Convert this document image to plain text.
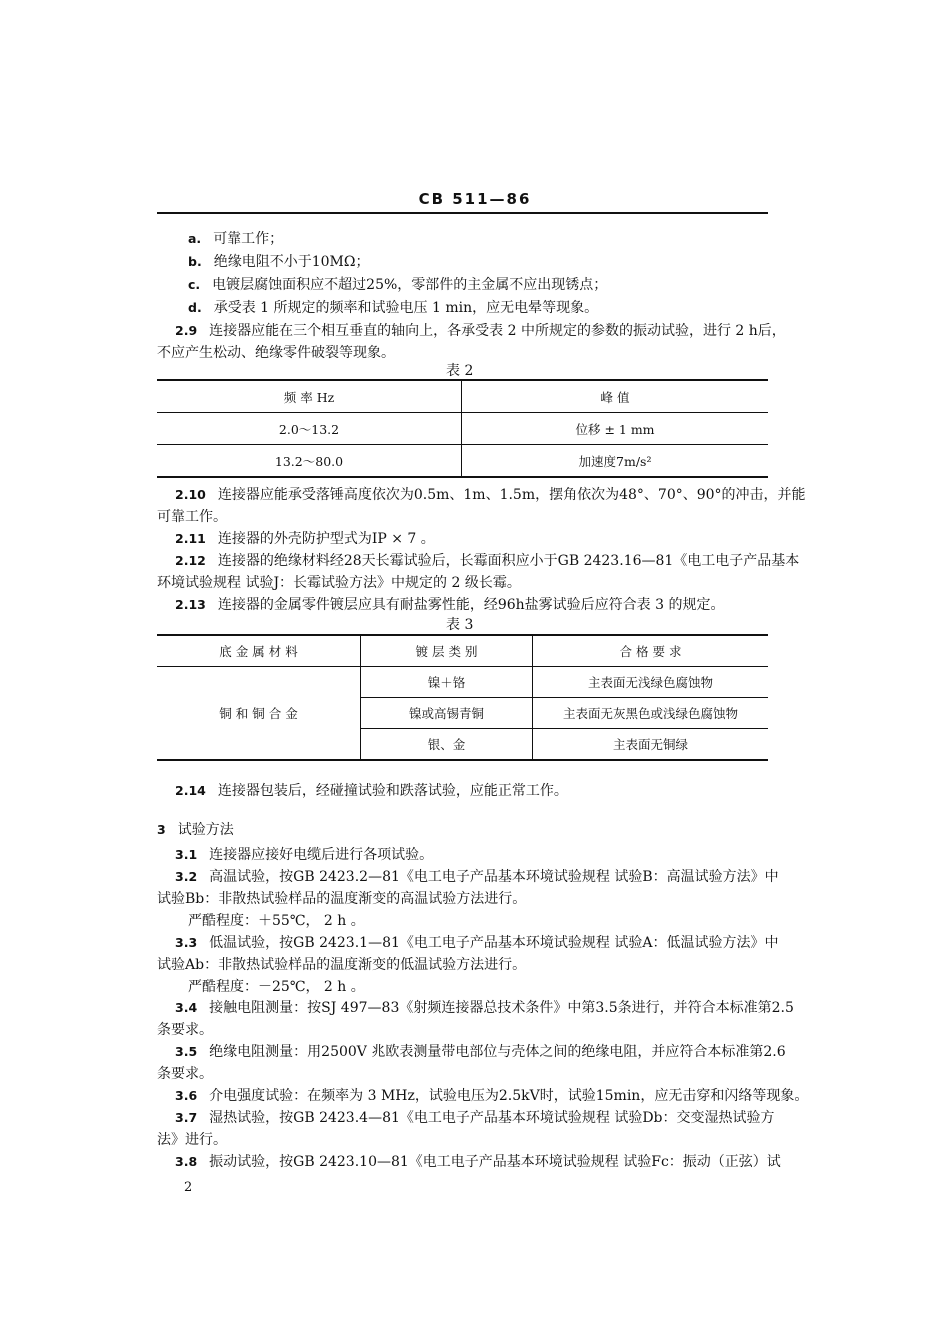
CB 511—86
a. 可靠工作；
b. 绝缘电阻不小于10MΩ；
c. 电镀层腐蚀面积应不超过25%，零部件的主金属不应出现锈点；
d. 承受表 1 所规定的频率和试验电压 1 min，应无电晕等现象。
2.9 连接器应能在三个相互垂直的轴向上，各承受表 2 中所规定的参数的振动试验，进行 2 h后，
不应产生松动、绝缘零件破裂等现象。
表 2
频 率 Hz	峰 值
2.0～13.2	位移 ± 1 mm
13.2～80.0	加速度7m/s²
2.10 连接器应能承受落锤高度依次为0.5m、1m、1.5m，摆角依次为48°、70°、90°的冲击，并能
可靠工作。
2.11 连接器的外壳防护型式为IP × 7 。
2.12 连接器的绝缘材料经28天长霉试验后，长霉面积应小于GB 2423.16—81《电工电子产品基本
环境试验规程 试验J：长霉试验方法》中规定的 2 级长霉。
2.13 连接器的金属零件镀层应具有耐盐雾性能，经96h盐雾试验后应符合表 3 的规定。
表 3
底 金 属 材 料	镀 层 类 别	合 格 要 求
铜 和 铜 合 金	镍＋铬	主表面无浅绿色腐蚀物
	镍或高锡青铜	主表面无灰黑色或浅绿色腐蚀物
	银、金	主表面无铜绿
2.14 连接器包装后，经碰撞试验和跌落试验，应能正常工作。
3 试验方法
3.1 连接器应接好电缆后进行各项试验。
3.2 高温试验，按GB 2423.2—81《电工电子产品基本环境试验规程 试验B：高温试验方法》中
试验Bb：非散热试验样品的温度渐变的高温试验方法进行。
严酷程度：＋55℃， 2 h 。
3.3 低温试验，按GB 2423.1—81《电工电子产品基本环境试验规程 试验A：低温试验方法》中
试验Ab：非散热试验样品的温度渐变的低温试验方法进行。
严酷程度：－25℃， 2 h 。
3.4 接触电阻测量：按SJ 497—83《射频连接器总技术条件》中第3.5条进行，并符合本标准第2.5
条要求。
3.5 绝缘电阻测量：用2500V 兆欧表测量带电部位与壳体之间的绝缘电阻，并应符合本标准第2.6
条要求。
3.6 介电强度试验：在频率为 3 MHz，试验电压为2.5kV时，试验15min，应无击穿和闪络等现象。
3.7 湿热试验，按GB 2423.4—81《电工电子产品基本环境试验规程 试验Db：交变湿热试验方
法》进行。
3.8 振动试验，按GB 2423.10—81《电工电子产品基本环境试验规程 试验Fc：振动（正弦）试
2
